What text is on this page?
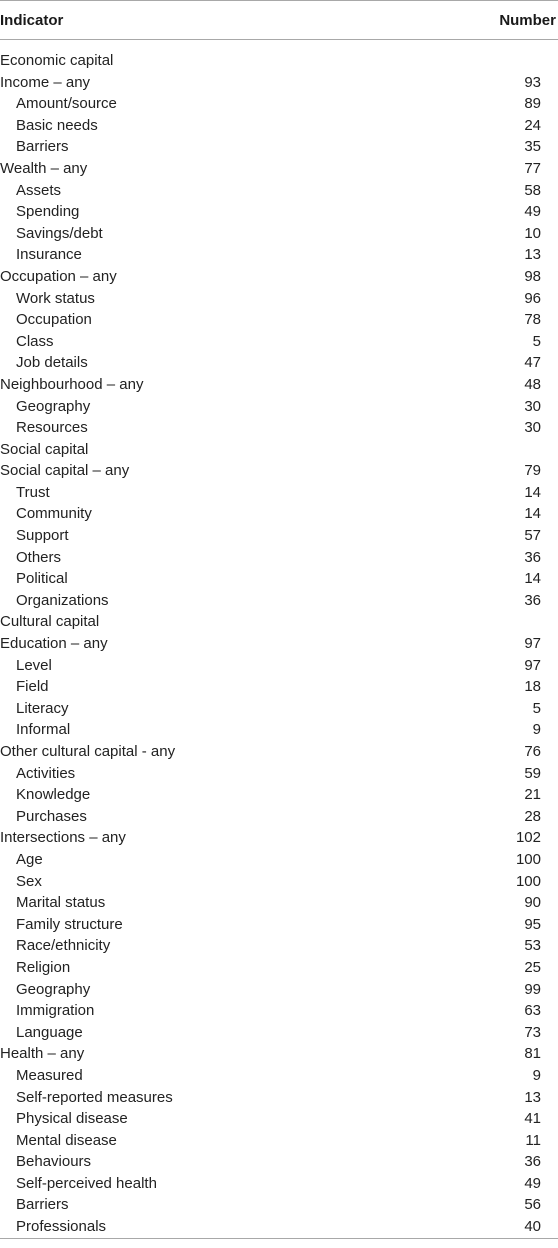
Indicator	Number
Economic capital
Income – any	93
Amount/source	89
Basic needs	24
Barriers	35
Wealth – any	77
Assets	58
Spending	49
Savings/debt	10
Insurance	13
Occupation – any	98
Work status	96
Occupation	78
Class	5
Job details	47
Neighbourhood – any	48
Geography	30
Resources	30
Social capital
Social capital – any	79
Trust	14
Community	14
Support	57
Others	36
Political	14
Organizations	36
Cultural capital
Education – any	97
Level	97
Field	18
Literacy	5
Informal	9
Other cultural capital - any	76
Activities	59
Knowledge	21
Purchases	28
Intersections – any	102
Age	100
Sex	100
Marital status	90
Family structure	95
Race/ethnicity	53
Religion	25
Geography	99
Immigration	63
Language	73
Health – any	81
Measured	9
Self-reported measures	13
Physical disease	41
Mental disease	11
Behaviours	36
Self-perceived health	49
Barriers	56
Professionals	40
